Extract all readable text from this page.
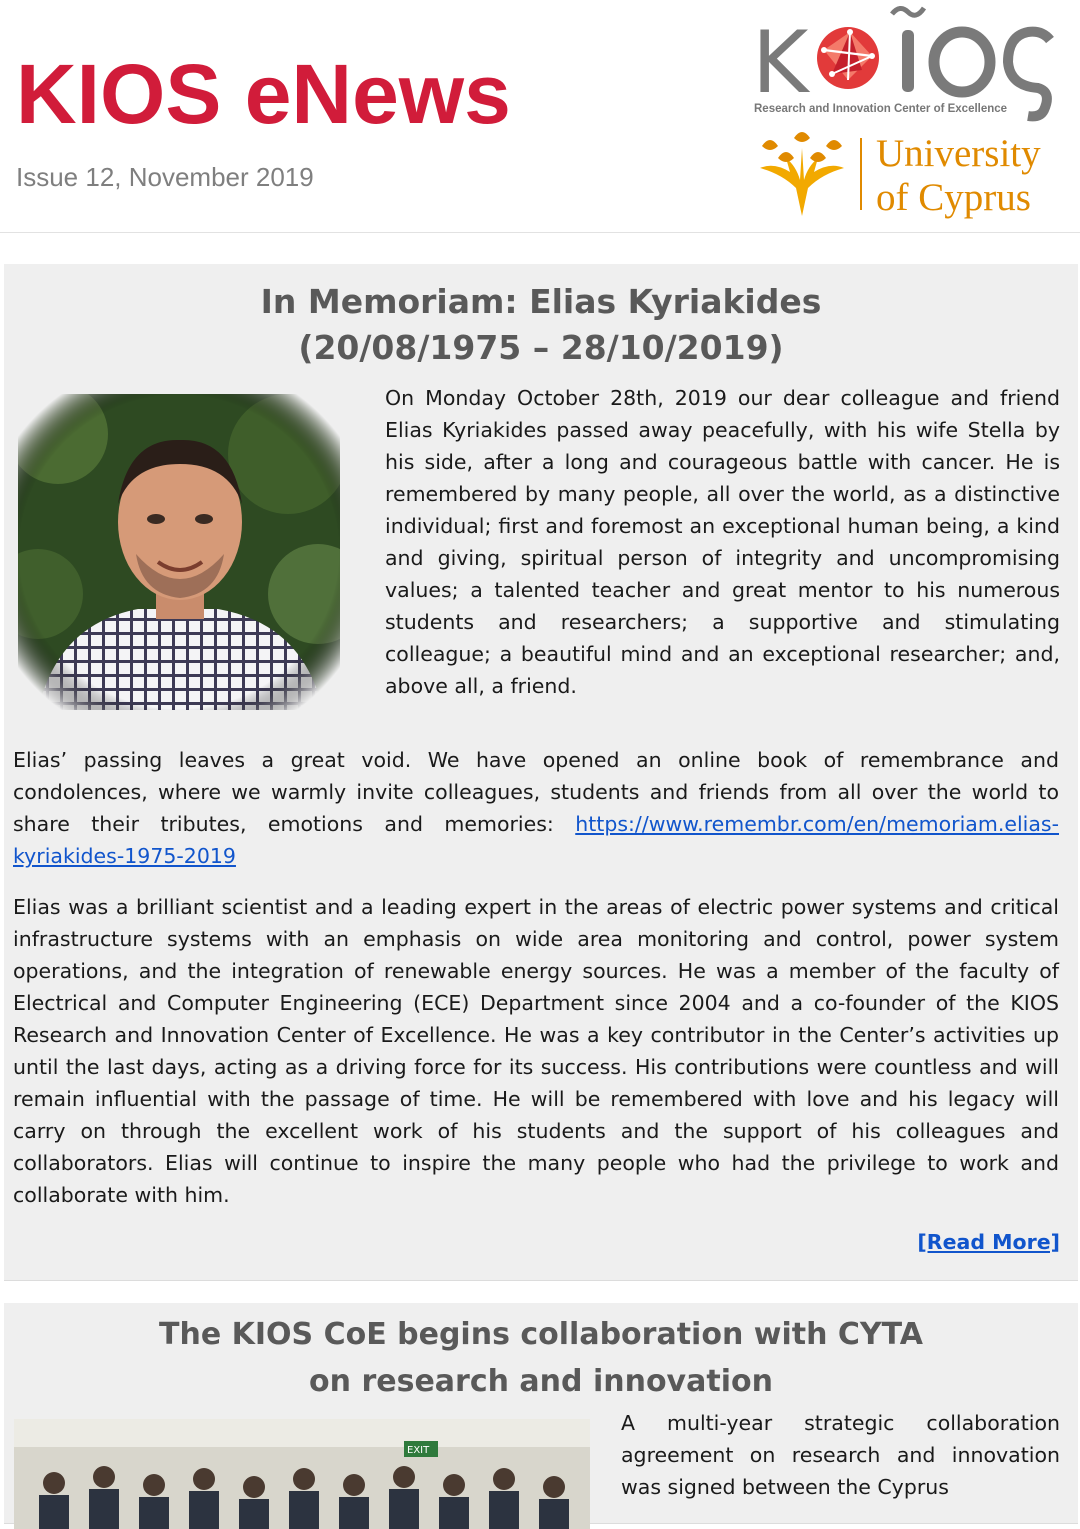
KIOS eNews
Issue 12, November 2019
K
Research and Innovation Center of Excellence
University
of Cyprus
In Memoriam: Elias Kyriakides
(20/08/1975 – 28/10/2019)

On Monday October 28th, 2019 our dear colleague and friend Elias Kyriakides passed away peacefully, with his wife Stella by his side, after a long and courageous battle with cancer. He is remembered by many people, all over the world, as a distinctive individual; first and foremost an exceptional human being, a kind and giving, spiritual person of integrity and uncompromising values; a talented teacher and great mentor to his numerous students and researchers; a supportive and stimulating colleague; a beautiful mind and an exceptional researcher; and, above all, a friend.

Elias’ passing leaves a great void. We have opened an online book of remembrance and condolences, where we warmly invite colleagues, students and friends from all over the world to share their tributes, emotions and memories: https://www.remembr.com/en/memoriam.elias-kyriakides-1975-2019

Elias was a brilliant scientist and a leading expert in the areas of electric power systems and critical infrastructure systems with an emphasis on wide area monitoring and control, power system operations, and the integration of renewable energy sources. He was a member of the faculty of Electrical and Computer Engineering (ECE) Department since 2004 and a co-founder of the KIOS Research and Innovation Center of Excellence. He was a key contributor in the Center’s activities up until the last days, acting as a driving force for its success. His contributions were countless and will remain influential with the passage of time. He will be remembered with love and his legacy will carry on through the excellent work of his students and the support of his colleagues and collaborators. Elias will continue to inspire the many people who had the privilege to work and collaborate with him.

[Read More]
The KIOS CoE begins collaboration with CYTA
on research and innovation
EXIT

A multi-year strategic collaboration agreement on research and innovation was signed between the Cyprus
